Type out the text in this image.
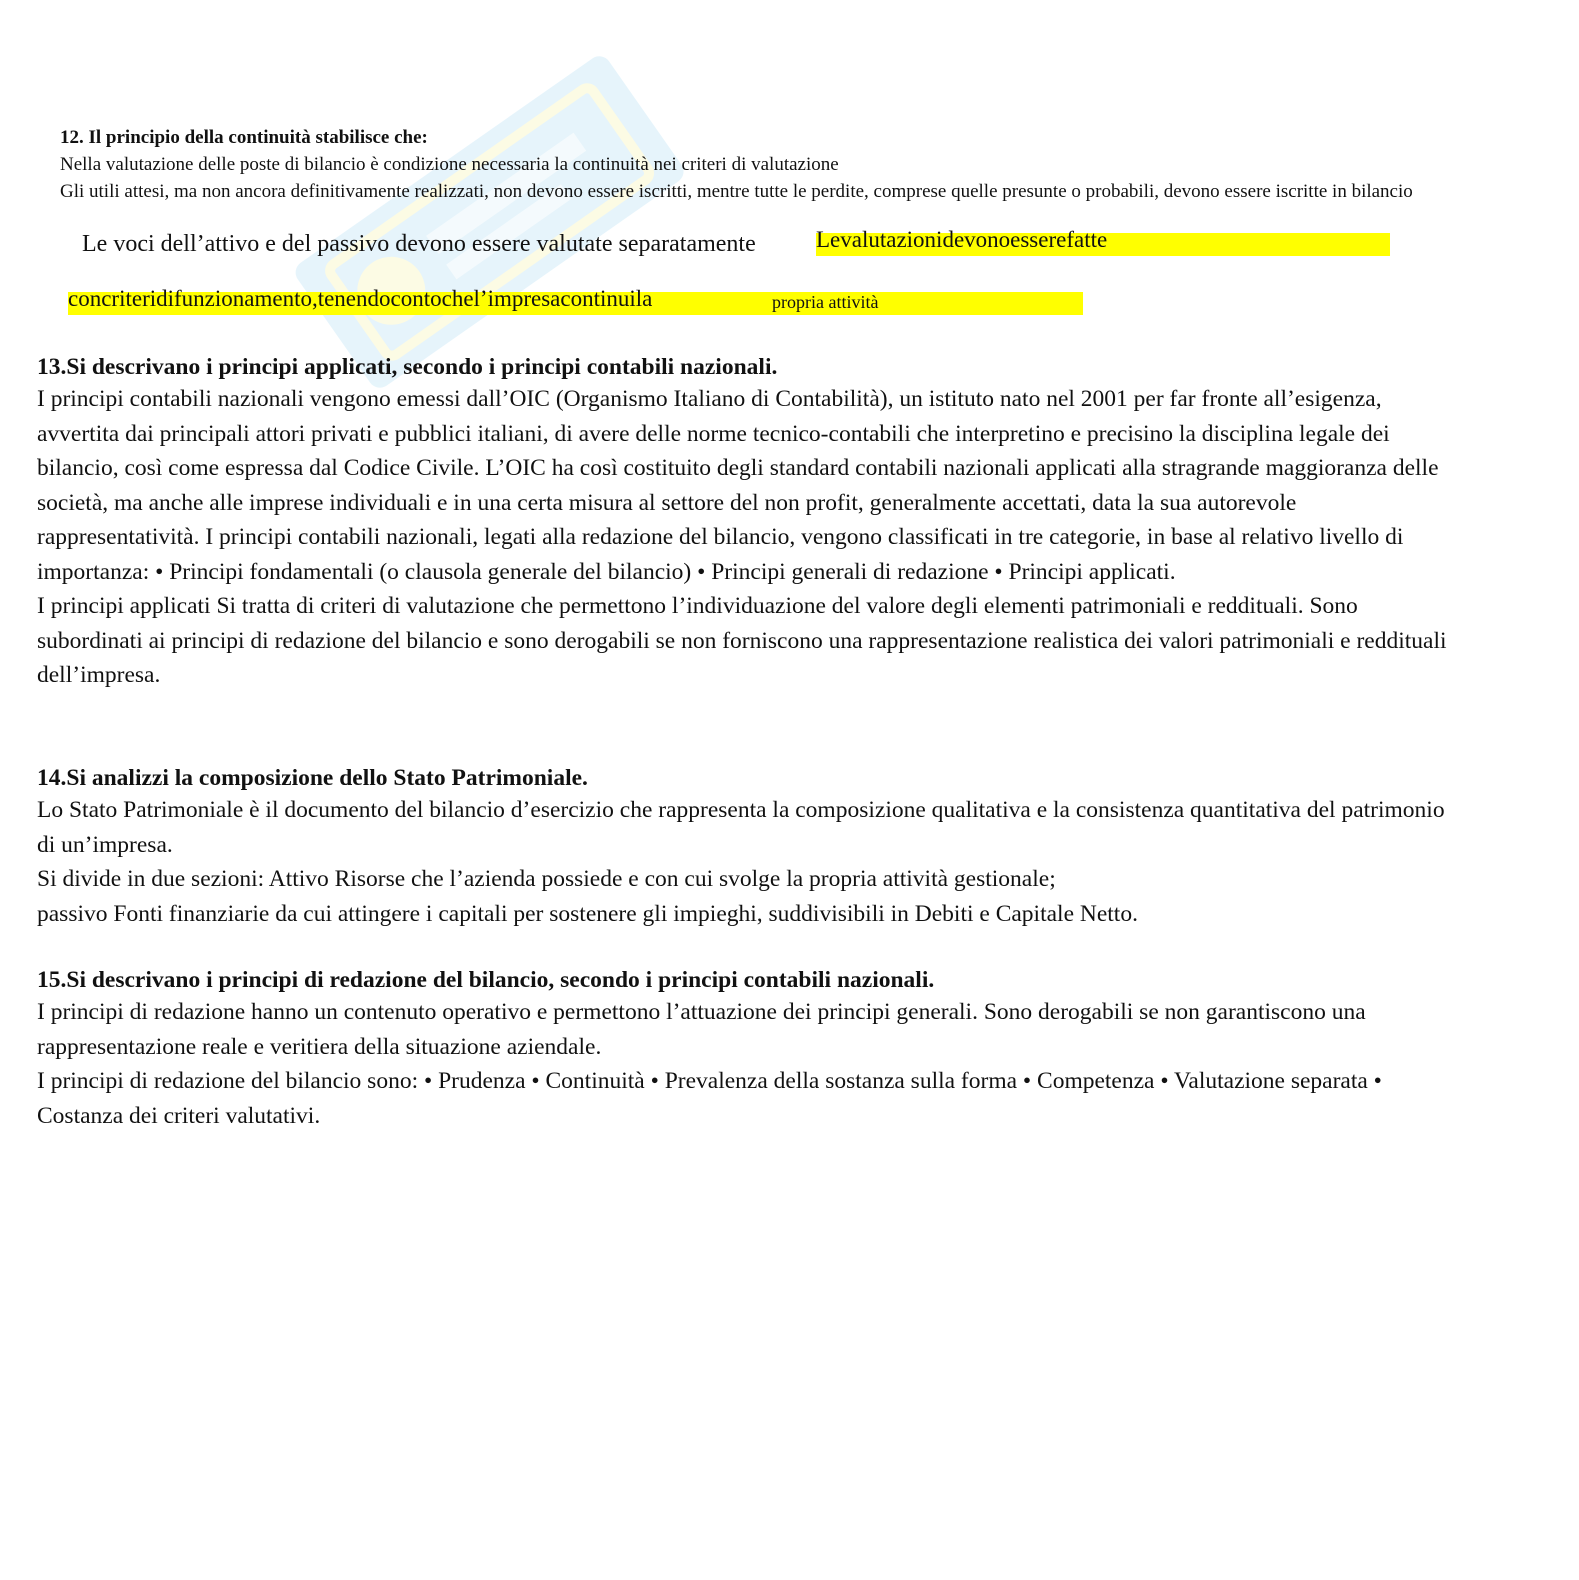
12. Il principio della continuità stabilisce che:
Nella valutazione delle poste di bilancio è condizione necessaria la continuità nei criteri di valutazione
Gli utili attesi, ma non ancora definitivamente realizzati, non devono essere iscritti, mentre tutte le perdite, comprese quelle presunte o probabili, devono essere iscritte in bilancio
Le voci dell’attivo e del passivo devono essere valutate separatamente	Levalutazionidevonoesserefatte
concriteridifunzionamento,tenendocontochel’impresacontinuila	propria attività
13.Si descrivano i principi applicati, secondo i principi contabili nazionali.

I principi contabili nazionali vengono emessi dall’OIC (Organismo Italiano di Contabilità), un istituto nato nel 2001 per far fronte all’esigenza, avvertita dai principali attori privati e pubblici italiani, di avere delle norme tecnico-contabili che interpretino e precisino la disciplina legale dei bilancio, così come espressa dal Codice Civile. L’OIC ha così costituito degli standard contabili nazionali applicati alla stragrande maggioranza delle società, ma anche alle imprese individuali e in una certa misura al settore del non profit, generalmente accettati, data la sua autorevole rappresentatività. I principi contabili nazionali, legati alla redazione del bilancio, vengono classificati in tre categorie, in base al relativo livello di importanza: • Principi fondamentali (o clausola generale del bilancio) • Principi generali di redazione • Principi applicati.

I principi applicati Si tratta di criteri di valutazione che permettono l’individuazione del valore degli elementi patrimoniali e reddituali. Sono subordinati ai principi di redazione del bilancio e sono derogabili se non forniscono una rappresentazione realistica dei valori patrimoniali e reddituali dell’impresa.

14.Si analizzi la composizione dello Stato Patrimoniale.

Lo Stato Patrimoniale è il documento del bilancio d’esercizio che rappresenta la composizione qualitativa e la consistenza quantitativa del patrimonio di un’impresa.

Si divide in due sezioni: Attivo Risorse che l’azienda possiede e con cui svolge la propria attività gestionale;

passivo Fonti finanziarie da cui attingere i capitali per sostenere gli impieghi, suddivisibili in Debiti e Capitale Netto.

15.Si descrivano i principi di redazione del bilancio, secondo i principi contabili nazionali.

I principi di redazione hanno un contenuto operativo e permettono l’attuazione dei principi generali. Sono derogabili se non garantiscono una rappresentazione reale e veritiera della situazione aziendale.

I principi di redazione del bilancio sono: • Prudenza • Continuità • Prevalenza della sostanza sulla forma • Competenza • Valutazione separata • Costanza dei criteri valutativi.
